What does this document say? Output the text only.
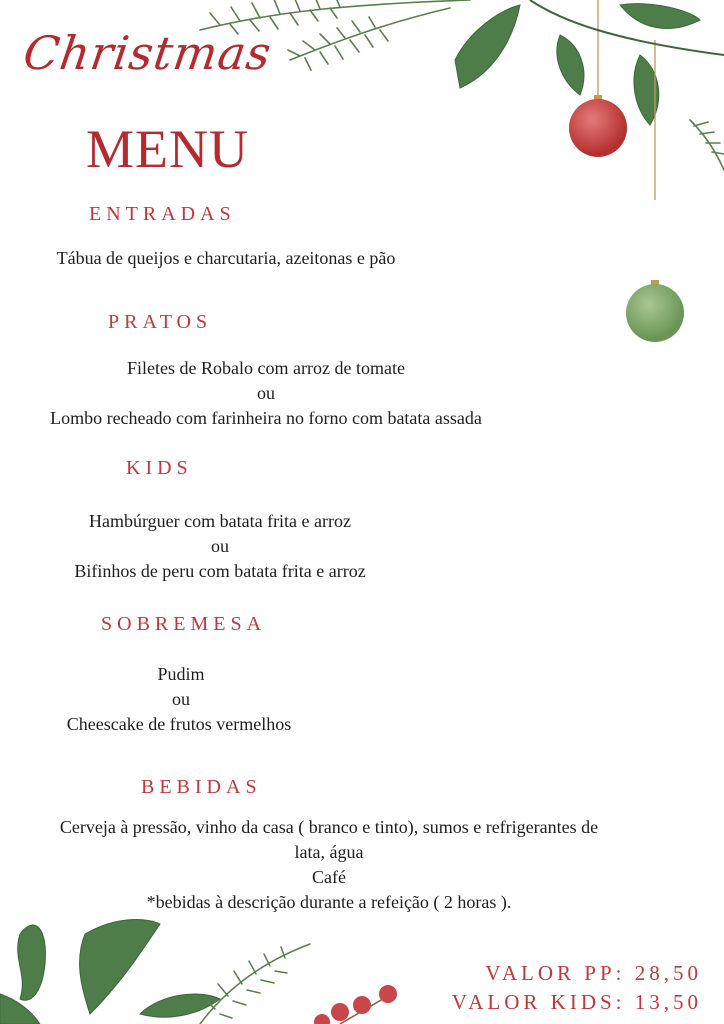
Christmas
MENU
ENTRADAS
Tábua de queijos e charcutaria, azeitonas e pão
PRATOS
Filetes de Robalo com arroz de tomate
ou
Lombo recheado com farinheira no forno com batata assada
KIDS
Hambúrguer com batata frita e arroz
ou
Bifinhos de peru com batata frita e arroz
SOBREMESA
Pudim
ou
Cheescake de frutos vermelhos
BEBIDAS
Cerveja à pressão, vinho da casa ( branco e tinto), sumos e refrigerantes de
lata, água
Café
*bebidas à descrição durante a refeição ( 2 horas ).
VALOR PP: 28,50
VALOR KIDS: 13,50
